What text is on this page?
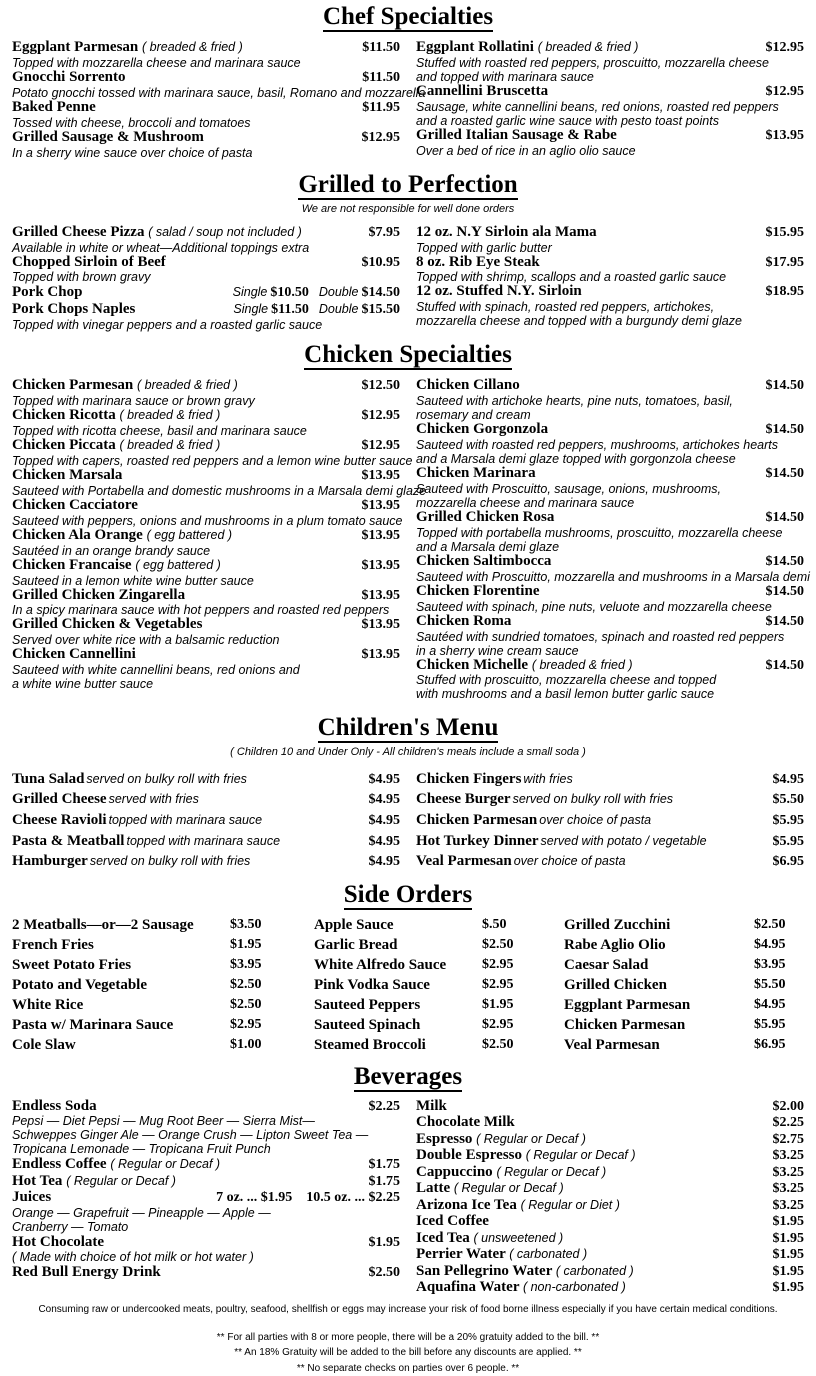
Chef Specialties
Eggplant Parmesan ( breaded & fried )	$11.50
Topped with mozzarella cheese and marinara sauce
Gnocchi Sorrento	$11.50
Potato gnocchi tossed with marinara sauce, basil, Romano and mozzarella
Baked Penne	$11.95
Tossed with cheese, broccoli and tomatoes
Grilled Sausage & Mushroom	$12.95
In a sherry wine sauce over choice of pasta
Eggplant Rollatini ( breaded & fried )	$12.95
Stuffed with roasted red peppers, proscuitto, mozzarella cheese
and topped with marinara sauce
Cannellini Bruscetta	$12.95
Sausage, white cannellini beans, red onions, roasted red peppers
and a roasted garlic wine sauce with pesto toast points
Grilled Italian Sausage & Rabe	$13.95
Over a bed of rice in an aglio olio sauce
Grilled to Perfection
We are not responsible for well done orders
Grilled Cheese Pizza ( salad / soup not included )	$7.95
Available in white or wheat—Additional toppings extra
Chopped Sirloin of Beef	$10.95
Topped with brown gravy
Pork Chop	Single $10.50 Double $14.50
Pork Chops Naples	Single $11.50 Double $15.50
Topped with vinegar peppers and a roasted garlic sauce
12 oz. N.Y Sirloin ala Mama	$15.95
Topped with garlic butter
8 oz. Rib Eye Steak	$17.95
Topped with shrimp, scallops and a roasted garlic sauce
12 oz. Stuffed N.Y. Sirloin	$18.95
Stuffed with spinach, roasted red peppers, artichokes,
mozzarella cheese and topped with a burgundy demi glaze
Chicken Specialties
Chicken Parmesan ( breaded & fried )	$12.50
Topped with marinara sauce or brown gravy
Chicken Ricotta ( breaded & fried )	$12.95
Topped with ricotta cheese, basil and marinara sauce
Chicken Piccata ( breaded & fried )	$12.95
Topped with capers, roasted red peppers and a lemon wine butter sauce
Chicken Marsala	$13.95
Sauteed with Portabella and domestic mushrooms in a Marsala demi glaze
Chicken Cacciatore	$13.95
Sauteed with peppers, onions and mushrooms in a plum tomato sauce
Chicken Ala Orange ( egg battered )	$13.95
Sautéed in an orange brandy sauce
Chicken Francaise ( egg battered )	$13.95
Sauteed in a lemon white wine butter sauce
Grilled Chicken Zingarella	$13.95
In a spicy marinara sauce with hot peppers and roasted red peppers
Grilled Chicken & Vegetables	$13.95
Served over white rice with a balsamic reduction
Chicken Cannellini	$13.95
Sauteed with white cannellini beans, red onions and
a white wine butter sauce
Chicken Cillano	$14.50
Sauteed with artichoke hearts, pine nuts, tomatoes, basil,
rosemary and cream
Chicken Gorgonzola	$14.50
Sauteed with roasted red peppers, mushrooms, artichokes hearts
and a Marsala demi glaze topped with gorgonzola cheese
Chicken Marinara	$14.50
Sauteed with Proscuitto, sausage, onions, mushrooms,
mozzarella cheese and marinara sauce
Grilled Chicken Rosa	$14.50
Topped with portabella mushrooms, proscuitto, mozzarella cheese
and a Marsala demi glaze
Chicken Saltimbocca	$14.50
Sauteed with Proscuitto, mozzarella and mushrooms in a Marsala demi
Chicken Florentine	$14.50
Sauteed with spinach, pine nuts, veluote and mozzarella cheese
Chicken Roma	$14.50
Sautéed with sundried tomatoes, spinach and roasted red peppers
in a sherry wine cream sauce
Chicken Michelle ( breaded & fried )	$14.50
Stuffed with proscuitto, mozzarella cheese and topped
with mushrooms and a basil lemon butter garlic sauce
Children's Menu
( Children 10 and Under Only - All children's meals include a small soda )
Tuna Salad served on bulky roll with fries	$4.95
Grilled Cheese served with fries	$4.95
Cheese Ravioli topped with marinara sauce	$4.95
Pasta & Meatball topped with marinara sauce	$4.95
Hamburger served on bulky roll with fries	$4.95
Chicken Fingers with fries	$4.95
Cheese Burger served on bulky roll with fries	$5.50
Chicken Parmesan over choice of pasta	$5.95
Hot Turkey Dinner served with potato / vegetable	$5.95
Veal Parmesan over choice of pasta	$6.95
Side Orders
2 Meatballs—or—2 Sausage	$3.50
French Fries	$1.95
Sweet Potato Fries	$3.95
Potato and Vegetable	$2.50
White Rice	$2.50
Pasta w/ Marinara Sauce	$2.95
Cole Slaw	$1.00
Apple Sauce	$.50
Garlic Bread	$2.50
White Alfredo Sauce	$2.95
Pink Vodka Sauce	$2.95
Sauteed Peppers	$1.95
Sauteed Spinach	$2.95
Steamed Broccoli	$2.50
Grilled Zucchini	$2.50
Rabe Aglio Olio	$4.95
Caesar Salad	$3.95
Grilled Chicken	$5.50
Eggplant Parmesan	$4.95
Chicken Parmesan	$5.95
Veal Parmesan	$6.95
Beverages
Endless Soda	$2.25
Pepsi — Diet Pepsi — Mug Root Beer — Sierra Mist—
Schweppes Ginger Ale — Orange Crush — Lipton Sweet Tea —
Tropicana Lemonade — Tropicana Fruit Punch
Endless Coffee ( Regular or Decaf )	$1.75
Hot Tea ( Regular or Decaf )	$1.75
Juices	7 oz. ... $1.95 10.5 oz. ... $2.25
Orange — Grapefruit — Pineapple — Apple —
Cranberry — Tomato
Hot Chocolate	$1.95
( Made with choice of hot milk or hot water )
Red Bull Energy Drink	$2.50
Milk	$2.00
Chocolate Milk	$2.25
Espresso ( Regular or Decaf )	$2.75
Double Espresso ( Regular or Decaf )	$3.25
Cappuccino ( Regular or Decaf )	$3.25
Latte ( Regular or Decaf )	$3.25
Arizona Ice Tea ( Regular or Diet )	$3.25
Iced Coffee	$1.95
Iced Tea ( unsweetened )	$1.95
Perrier Water ( carbonated )	$1.95
San Pellegrino Water ( carbonated )	$1.95
Aquafina Water ( non-carbonated )	$1.95
Consuming raw or undercooked meats, poultry, seafood, shellfish or eggs may increase your risk of food borne illness especially if you have certain medical conditions.
** For all parties with 8 or more people, there will be a 20% gratuity added to the bill. **
** An 18% Gratuity will be added to the bill before any discounts are applied. **
** No separate checks on parties over 6 people. **
